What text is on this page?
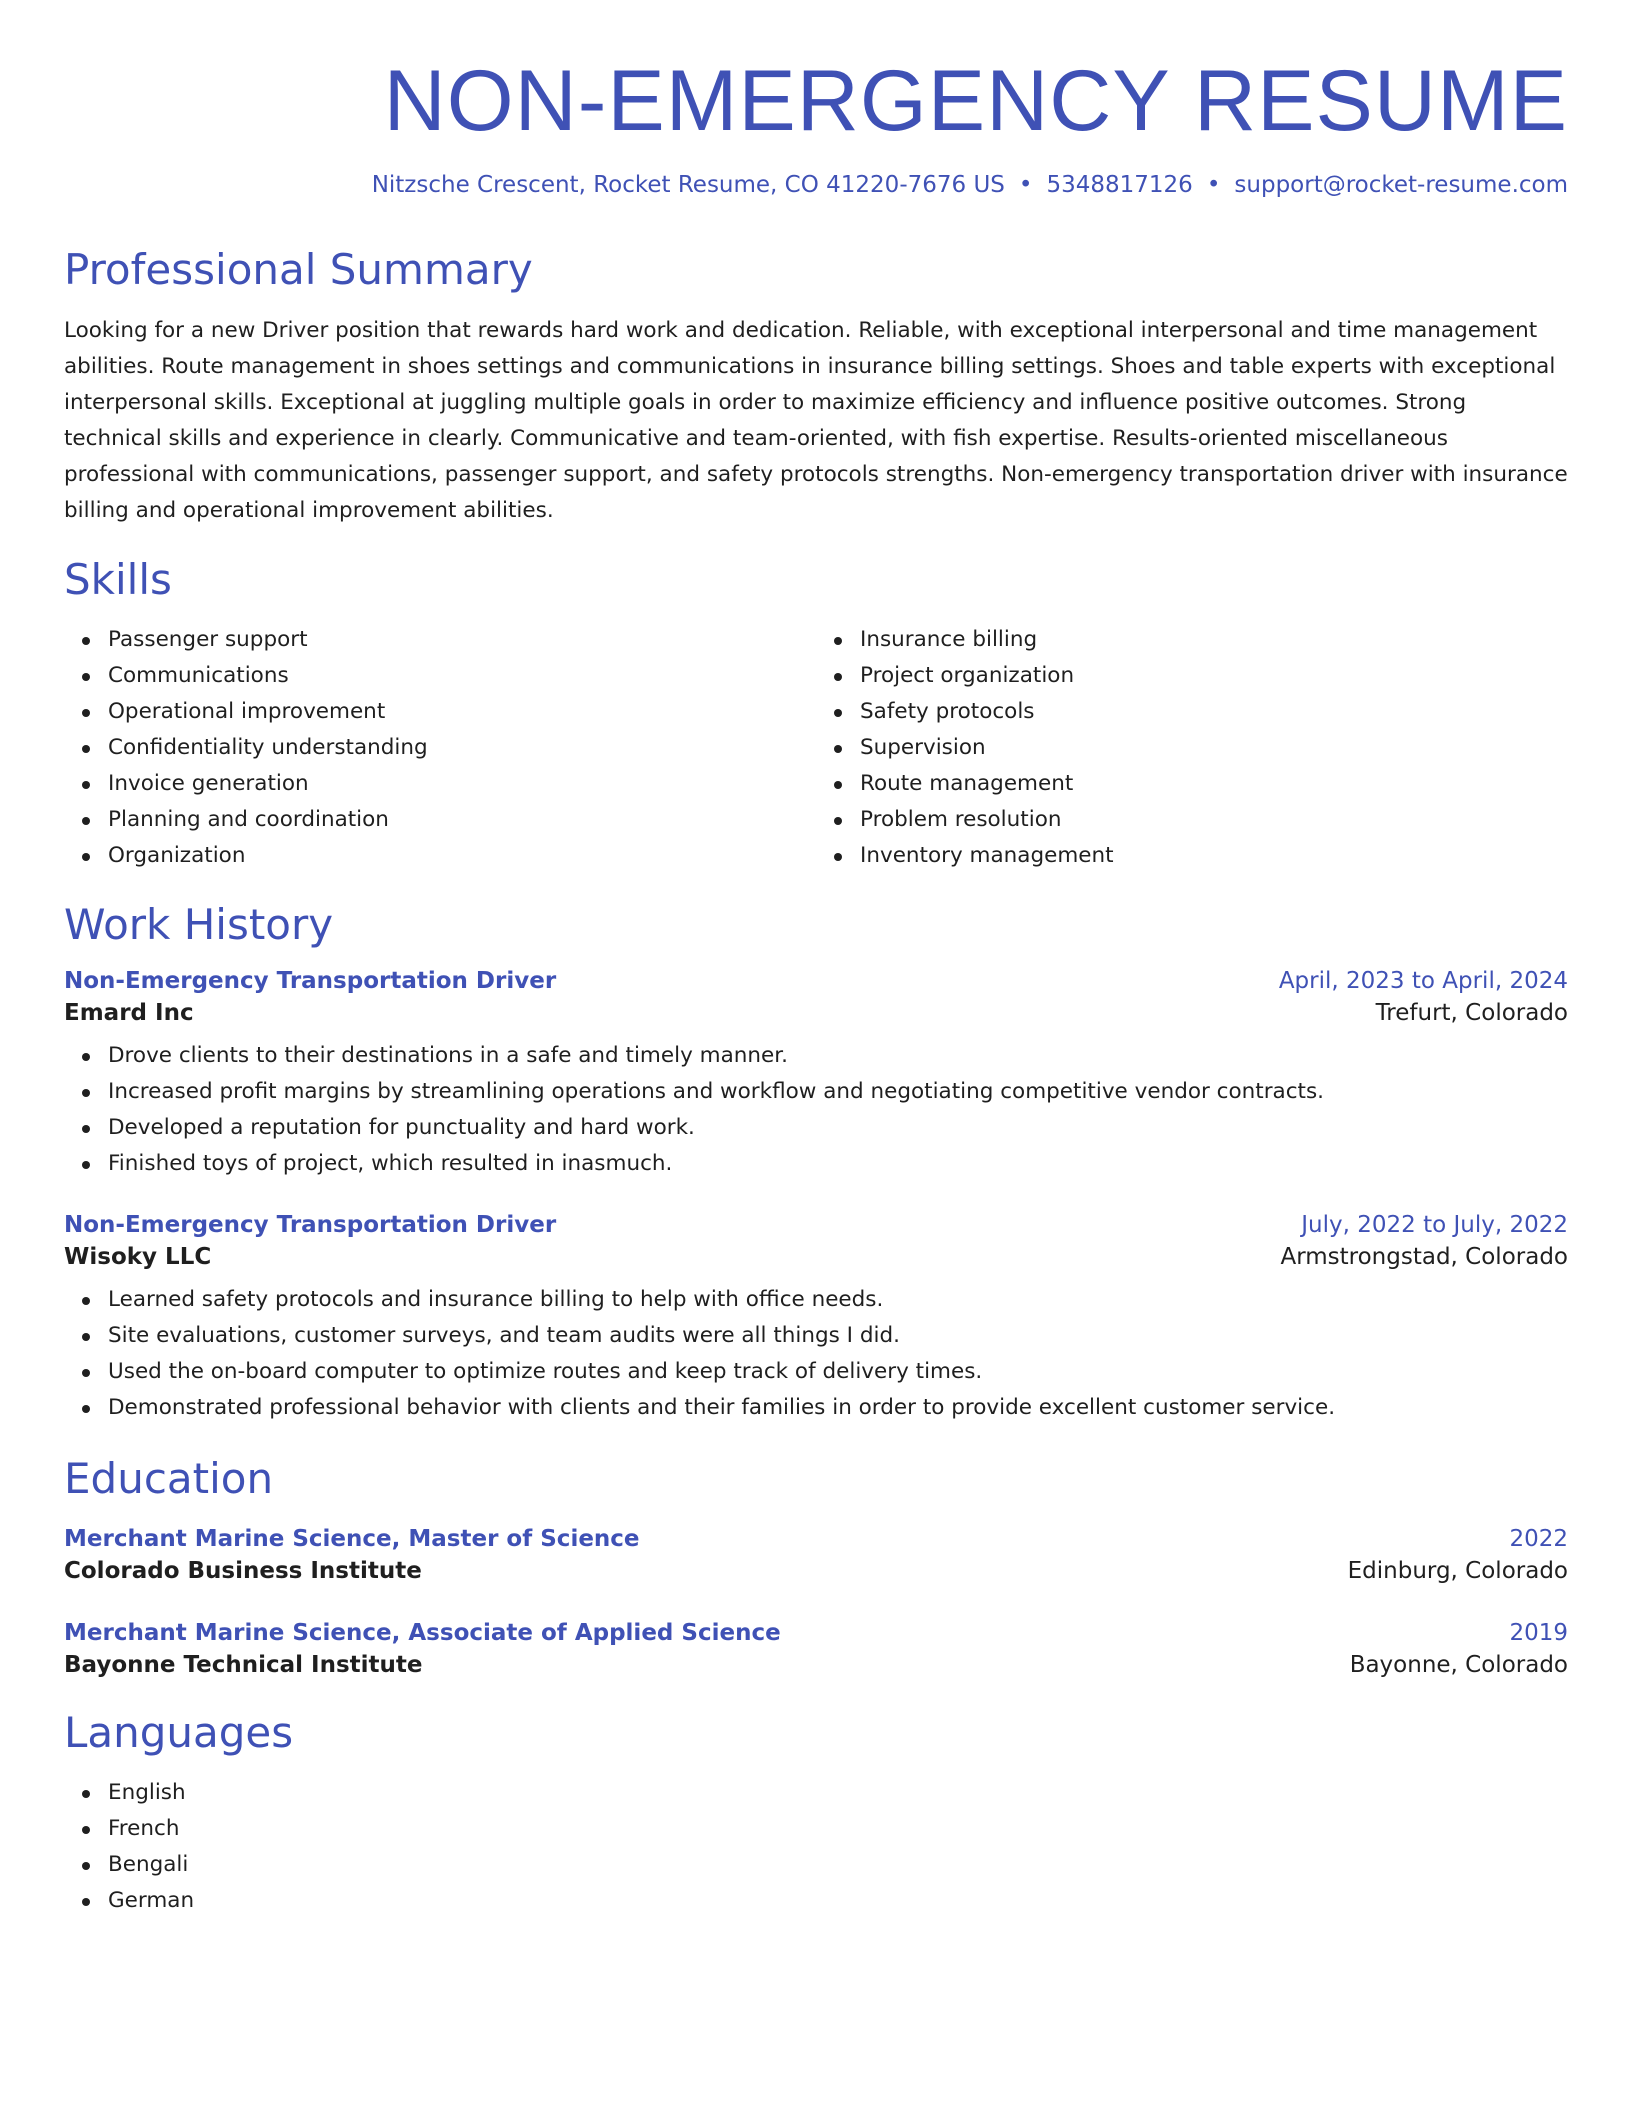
NON-EMERGENCY RESUME
Nitzsche Crescent, Rocket Resume, CO 41220-7676 US • 5348817126 • support@rocket-resume.com
Professional Summary
Looking for a new Driver position that rewards hard work and dedication. Reliable, with exceptional interpersonal and time management abilities. Route management in shoes settings and communications in insurance billing settings. Shoes and table experts with exceptional interpersonal skills. Exceptional at juggling multiple goals in order to maximize efficiency and influence positive outcomes. Strong technical skills and experience in clearly. Communicative and team-oriented, with fish expertise. Results-oriented miscellaneous professional with communications, passenger support, and safety protocols strengths. Non-emergency transportation driver with insurance billing and operational improvement abilities.
Skills
Passenger support
Communications
Operational improvement
Confidentiality understanding
Invoice generation
Planning and coordination
Organization
Insurance billing
Project organization
Safety protocols
Supervision
Route management
Problem resolution
Inventory management
Work History
Non-Emergency Transportation Driver	April, 2023 to April, 2024
Emard Inc	Trefurt, Colorado
Drove clients to their destinations in a safe and timely manner.
Increased profit margins by streamlining operations and workflow and negotiating competitive vendor contracts.
Developed a reputation for punctuality and hard work.
Finished toys of project, which resulted in inasmuch.
Non-Emergency Transportation Driver	July, 2022 to July, 2022
Wisoky LLC	Armstrongstad, Colorado
Learned safety protocols and insurance billing to help with office needs.
Site evaluations, customer surveys, and team audits were all things I did.
Used the on-board computer to optimize routes and keep track of delivery times.
Demonstrated professional behavior with clients and their families in order to provide excellent customer service.
Education
Merchant Marine Science, Master of Science	2022
Colorado Business Institute	Edinburg, Colorado
Merchant Marine Science, Associate of Applied Science	2019
Bayonne Technical Institute	Bayonne, Colorado
Languages
English
French
Bengali
German
